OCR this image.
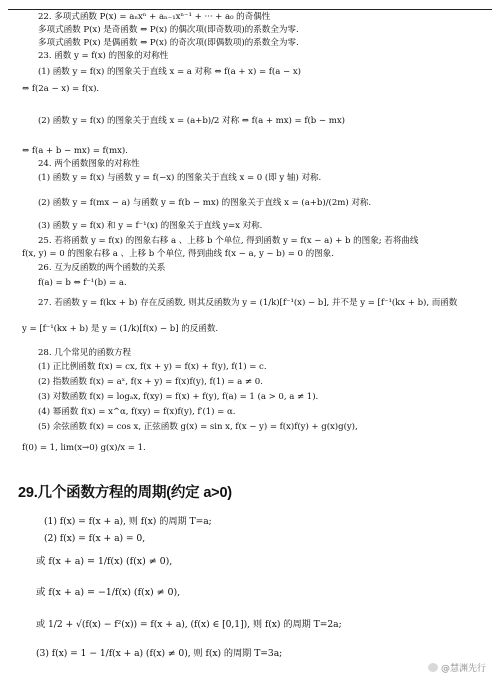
22. 多项式函数 P(x) = aₙxⁿ + aₙ₋₁xⁿ⁻¹ + ··· + a₀ 的奇偶性
多项式函数 P(x) 是奇函数 ⇔ P(x) 的偶次项(即奇数项)的系数全为零.
多项式函数 P(x) 是偶函数 ⇔ P(x) 的奇次项(即偶数项)的系数全为零.
23. 函数 y = f(x) 的图象的对称性
(1) 函数 y = f(x) 的图象关于直线 x = a 对称 ⇔ f(a + x) = f(a − x)
⇔ f(2a − x) = f(x).
(2) 函数 y = f(x) 的图象关于直线 x = (a+b)/2 对称 ⇔ f(a + mx) = f(b − mx)
⇔ f(a + b − mx) = f(mx).
24. 两个函数图象的对称性
(1) 函数 y = f(x) 与函数 y = f(−x) 的图象关于直线 x = 0 (即 y 轴) 对称.
(2) 函数 y = f(mx − a) 与函数 y = f(b − mx) 的图象关于直线 x = (a+b)/(2m) 对称.
(3) 函数 y = f(x) 和 y = f⁻¹(x) 的图象关于直线 y=x 对称.
25. 若将函数 y = f(x) 的图象右移 a 、上移 b 个单位, 得到函数 y = f(x − a) + b 的图象; 若将曲线
f(x, y) = 0 的图象右移 a 、上移 b 个单位, 得到曲线 f(x − a, y − b) = 0 的图象.
26. 互为反函数的两个函数的关系
f(a) = b ⇔ f⁻¹(b) = a.
27. 若函数 y = f(kx + b) 存在反函数, 则其反函数为 y = (1/k)[f⁻¹(x) − b], 并不是 y = [f⁻¹(kx + b), 而函数
y = [f⁻¹(kx + b) 是 y = (1/k)[f(x) − b] 的反函数.
28. 几个常见的函数方程
(1) 正比例函数 f(x) = cx, f(x + y) = f(x) + f(y), f(1) = c.
(2) 指数函数 f(x) = aˣ, f(x + y) = f(x)f(y), f(1) = a ≠ 0.
(3) 对数函数 f(x) = logₐx, f(xy) = f(x) + f(y), f(a) = 1 (a > 0, a ≠ 1).
(4) 幂函数 f(x) = x^α, f(xy) = f(x)f(y), f′(1) = α.
(5) 余弦函数 f(x) = cos x, 正弦函数 g(x) = sin x, f(x − y) = f(x)f(y) + g(x)g(y),
f(0) = 1, lim(x→0) g(x)/x = 1.
29.几个函数方程的周期(约定 a>0)
(1) f(x) = f(x + a), 则 f(x) 的周期 T=a;
(2) f(x) = f(x + a) = 0,
或 f(x + a) = 1/f(x) (f(x) ≠ 0),
或 f(x + a) = −1/f(x) (f(x) ≠ 0),
或 1/2 + √(f(x) − f²(x)) = f(x + a), (f(x) ∈ [0,1]), 则 f(x) 的周期 T=2a;
(3) f(x) = 1 − 1/f(x + a) (f(x) ≠ 0), 则 f(x) 的周期 T=3a;
@慧渊先行
